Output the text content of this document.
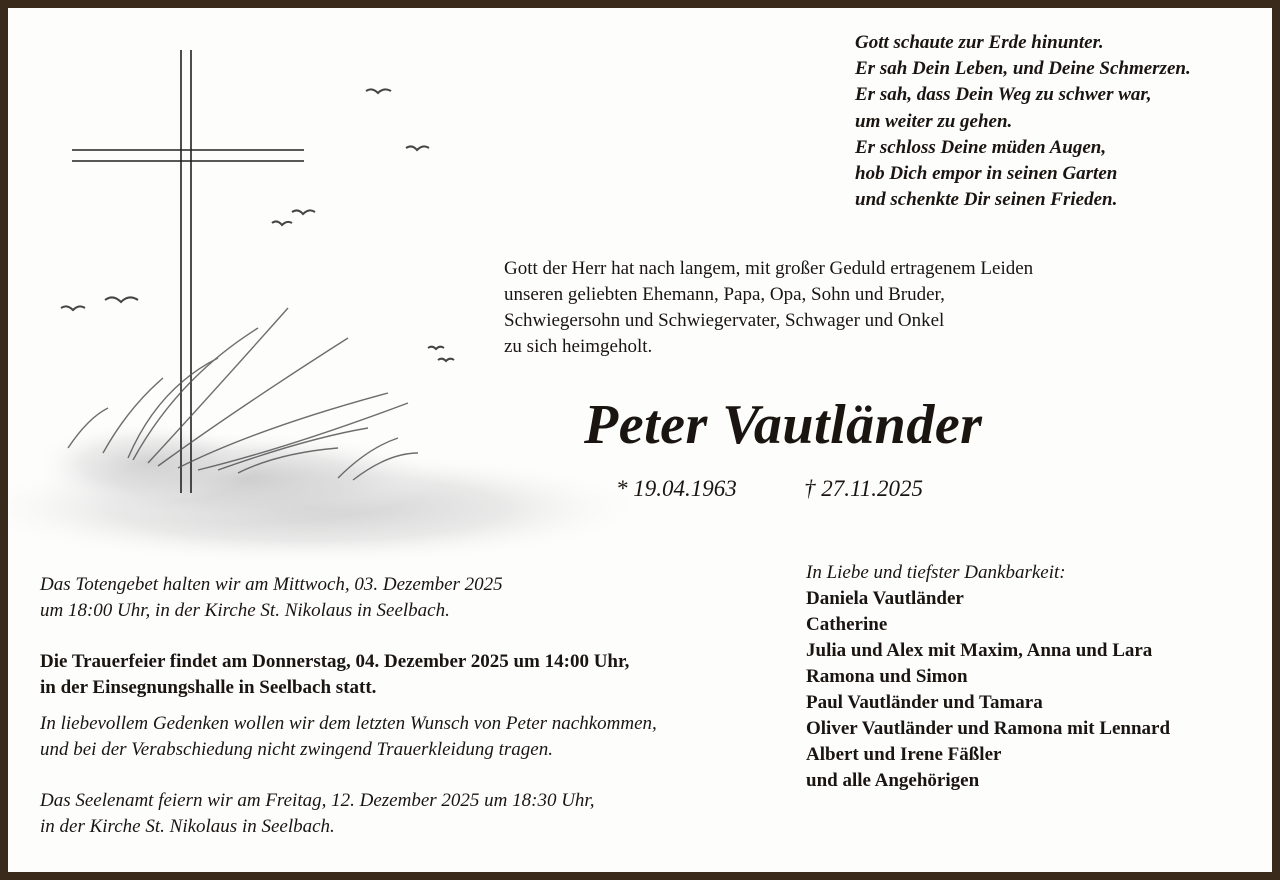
Gott schaute zur Erde hinunter.
Er sah Dein Leben, und Deine Schmerzen.
Er sah, dass Dein Weg zu schwer war,
um weiter zu gehen.
Er schloss Deine müden Augen,
hob Dich empor in seinen Garten
und schenkte Dir seinen Frieden.
Gott der Herr hat nach langem, mit großer Geduld ertragenem Leiden
unseren geliebten Ehemann, Papa, Opa, Sohn und Bruder,
Schwiegersohn und Schwiegervater, Schwager und Onkel
zu sich heimgeholt.
Peter Vautländer
* 19.04.1963	† 27.11.2025
In Liebe und tiefster Dankbarkeit:
Daniela Vautländer
Catherine
Julia und Alex mit Maxim, Anna und Lara
Ramona und Simon
Paul Vautländer und Tamara
Oliver Vautländer und Ramona mit Lennard
Albert und Irene Fäßler
und alle Angehörigen
Das Totengebet halten wir am Mittwoch, 03. Dezember 2025
um 18:00 Uhr, in der Kirche St. Nikolaus in Seelbach.
Die Trauerfeier findet am Donnerstag, 04. Dezember 2025 um 14:00 Uhr,
in der Einsegnungshalle in Seelbach statt.
In liebevollem Gedenken wollen wir dem letzten Wunsch von Peter nachkommen,
und bei der Verabschiedung nicht zwingend Trauerkleidung tragen.
Das Seelenamt feiern wir am Freitag, 12. Dezember 2025 um 18:30 Uhr,
in der Kirche St. Nikolaus in Seelbach.
